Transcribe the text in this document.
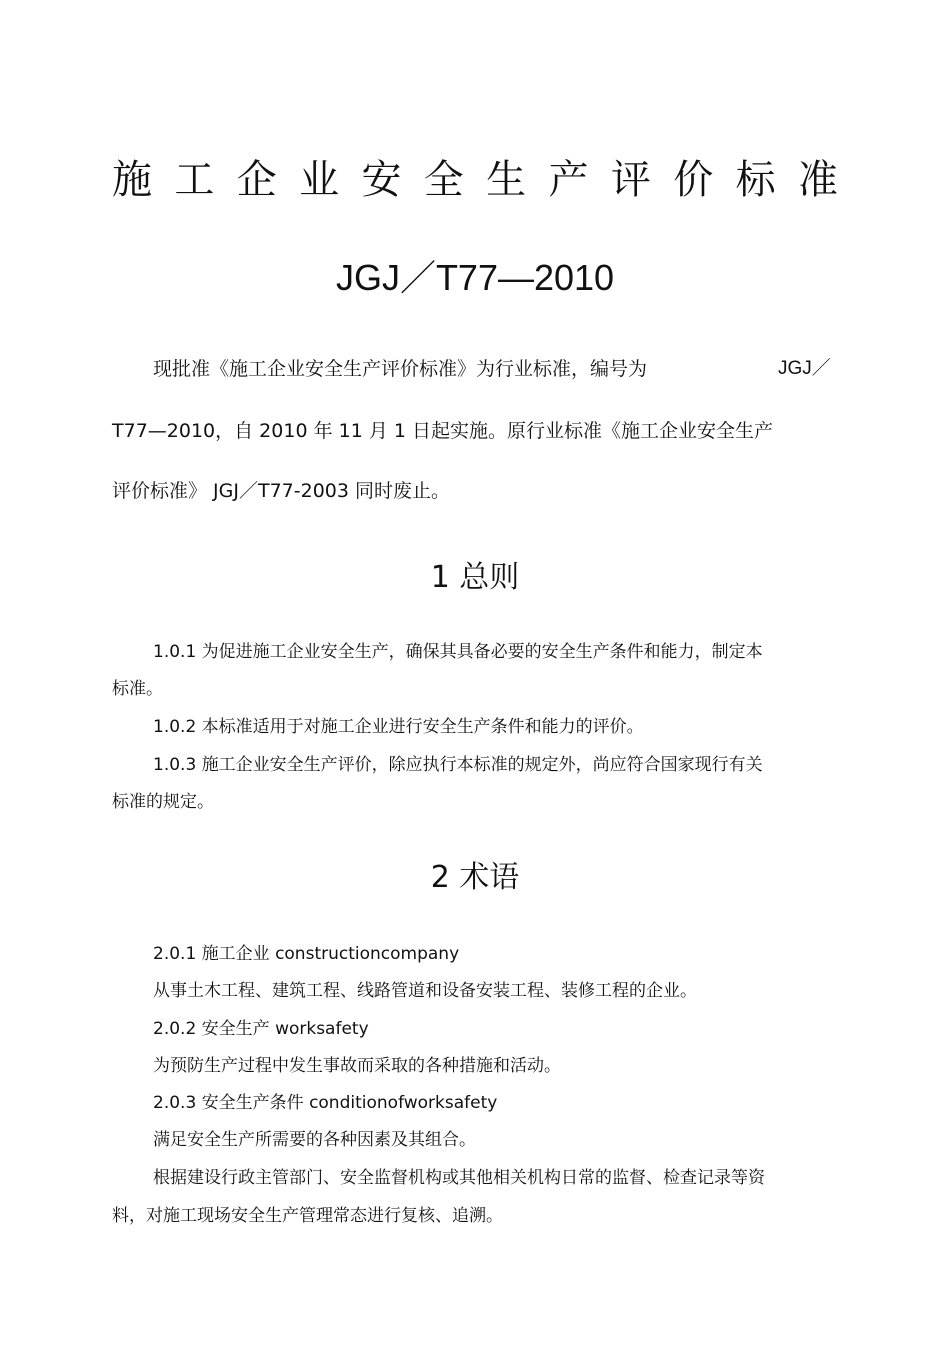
施 工 企 业 安 全 生 产 评 价 标 准
JGJ／T77—2010
现批准《施工企业安全生产评价标准》为行业标准，编号为	JGJ／
T77—2010，自 2010 年 11 月 1 日起实施。原行业标准《施工企业安全生产
评价标准》 JGJ／T77-2003 同时废止。
1 总则
1.0.1 为促进施工企业安全生产，确保其具备必要的安全生产条件和能力，制定本
标准。
1.0.2 本标准适用于对施工企业进行安全生产条件和能力的评价。
1.0.3 施工企业安全生产评价，除应执行本标准的规定外，尚应符合国家现行有关
标准的规定。
2 术语
2.0.1 施工企业 constructioncompany
从事土木工程、建筑工程、线路管道和设备安装工程、装修工程的企业。
2.0.2 安全生产 worksafety
为预防生产过程中发生事故而采取的各种措施和活动。
2.0.3 安全生产条件 conditionofworksafety
满足安全生产所需要的各种因素及其组合。
根据建设行政主管部门、安全监督机构或其他相关机构日常的监督、检查记录等资
料，对施工现场安全生产管理常态进行复核、追溯。
